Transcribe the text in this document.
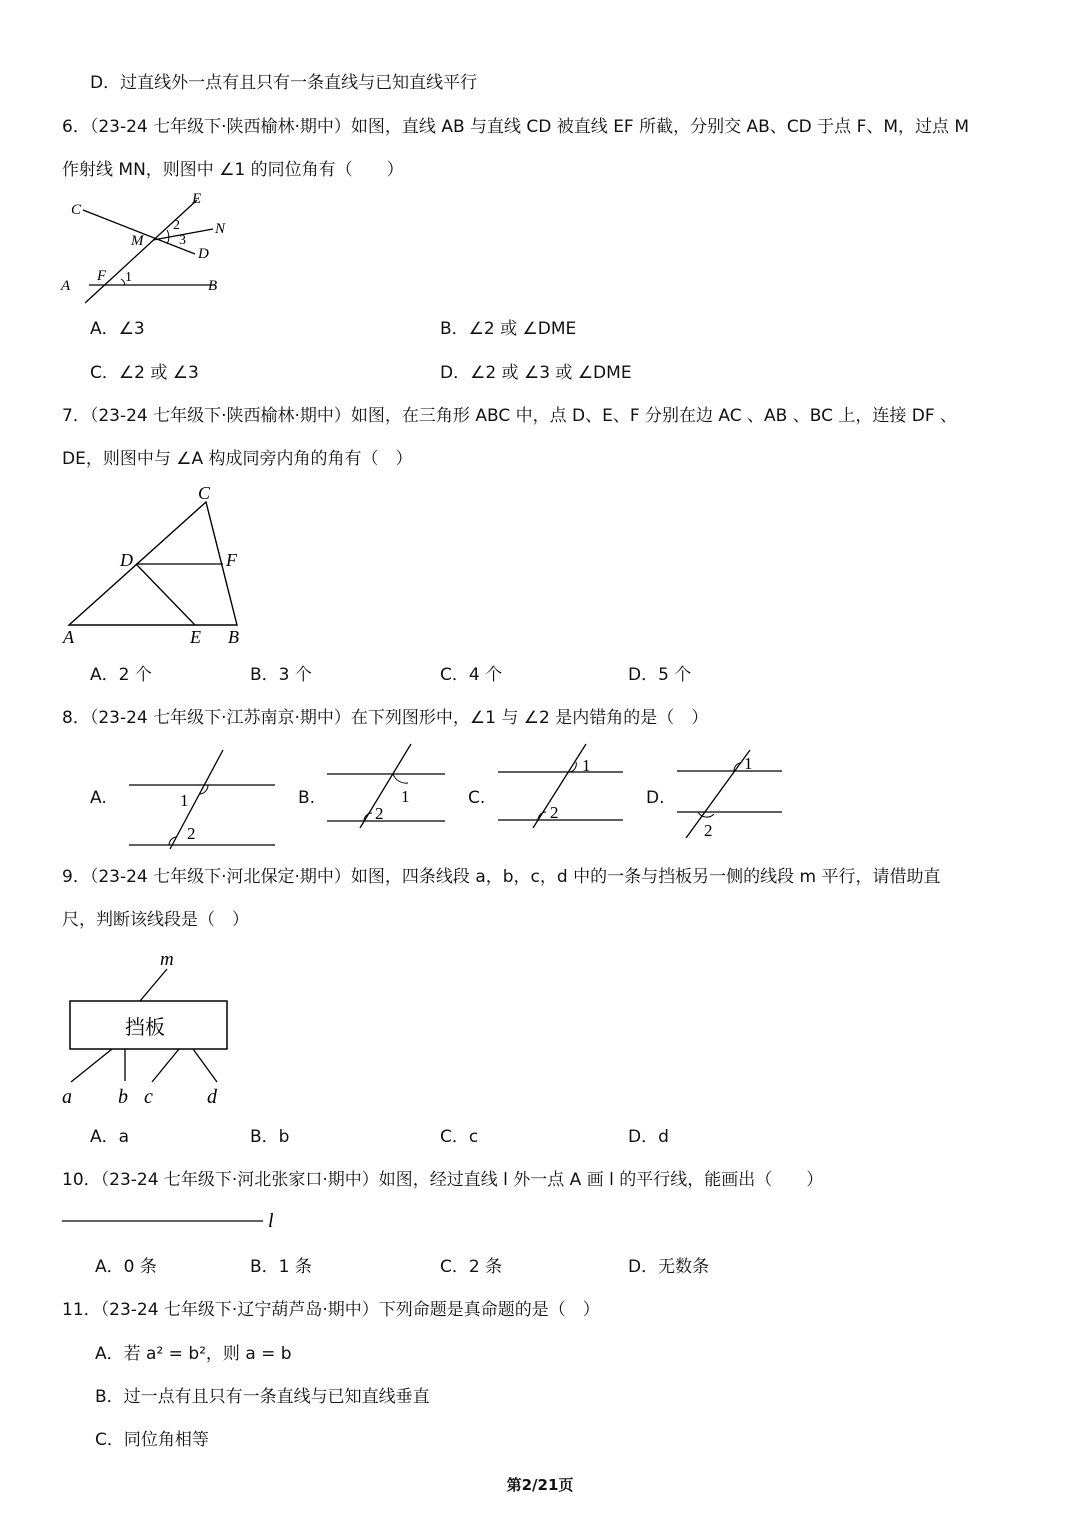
D．过直线外一点有且只有一条直线与已知直线平行
6．（23-24 七年级下·陕西榆林·期中）如图，直线 AB 与直线 CD 被直线 EF 所截，分别交 AB、CD 于点 F、M，过点 M
作射线 MN，则图中 ∠1 的同位角有（　　）
C
E
2 N
M	3
D
F 1
A	B
A．∠3	B．∠2 或 ∠DME
C．∠2 或 ∠3	D．∠2 或 ∠3 或 ∠DME
7．（23-24 七年级下·陕西榆林·期中）如图，在三角形 ABC 中，点 D、E、F 分别在边 AC 、AB 、BC 上，连接 DF 、
DE，则图中与 ∠A 构成同旁内角的角有（　）
C
D	F
A	E B
A．2 个	B．3 个	C．4 个	D．5 个
8．（23-24 七年级下·江苏南京·期中）在下列图形中，∠1 与 ∠2 是内错角的是（　）
A.	1
2
B.	1
2
C.
1
2
D.
1
2
9．（23-24 七年级下·河北保定·期中）如图，四条线段 a，b，c，d 中的一条与挡板另一侧的线段 m 平行，请借助直
尺，判断该线段是（　）
m
挡板
a b c	d
A．a	B．b	C．c	D．d
10．（23-24 七年级下·河北张家口·期中）如图，经过直线 l 外一点 A 画 l 的平行线，能画出（　　）
l
A．0 条	B．1 条	C．2 条	D．无数条
11．（23-24 七年级下·辽宁葫芦岛·期中）下列命题是真命题的是（　）
A．若 a² = b²，则 a = b
B．过一点有且只有一条直线与已知直线垂直
C．同位角相等
第2/21页
